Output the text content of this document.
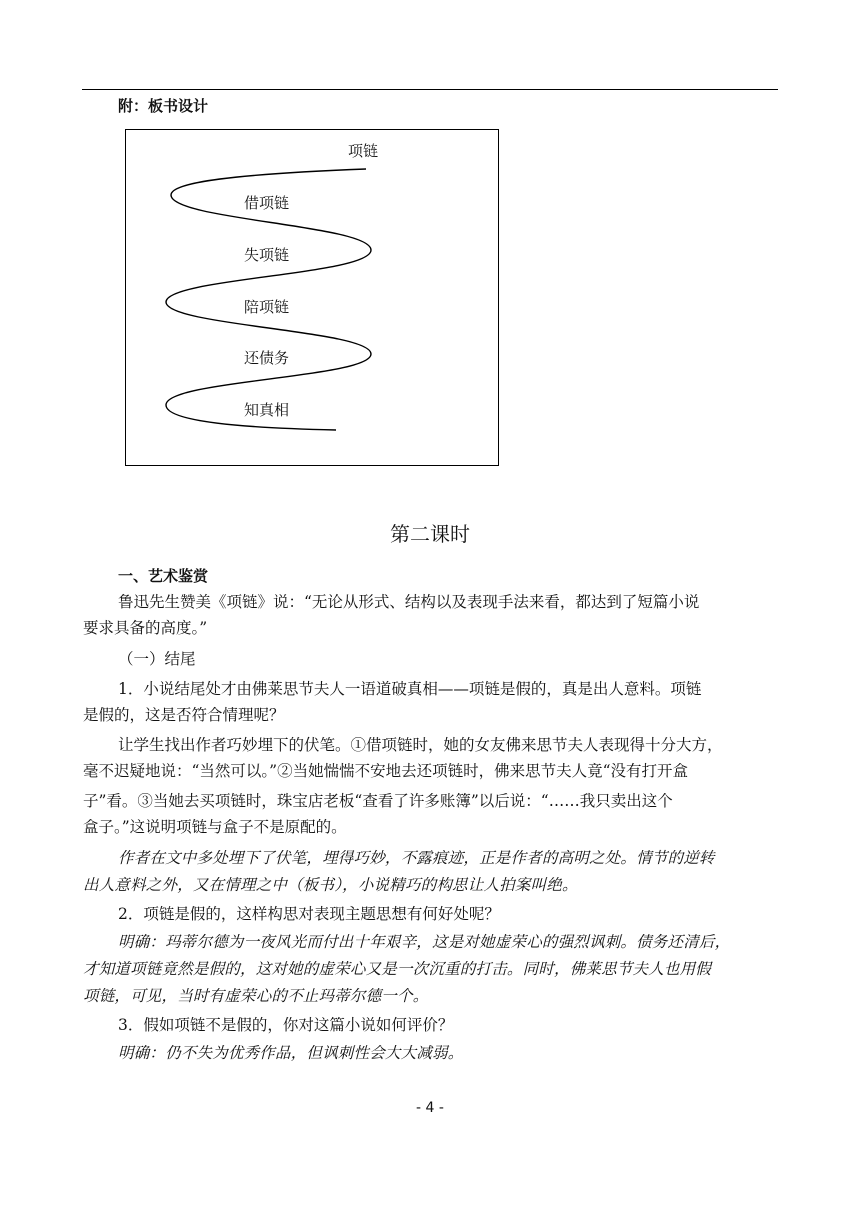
附：板书设计
项链
借项链
失项链
陪项链
还债务
知真相
第二课时
一、艺术鉴赏
鲁迅先生赞美《项链》说：“无论从形式、结构以及表现手法来看，都达到了短篇小说
要求具备的高度。”
（一）结尾
1．小说结尾处才由佛莱思节夫人一语道破真相——项链是假的，真是出人意料。项链
是假的，这是否符合情理呢？
让学生找出作者巧妙埋下的伏笔。①借项链时，她的女友佛来思节夫人表现得十分大方，
毫不迟疑地说：“当然可以。”②当她惴惴不安地去还项链时，佛来思节夫人竟“没有打开盒
子”看。③当她去买项链时，珠宝店老板“查看了许多账簿”以后说：“……我只卖出这个
盒子。”这说明项链与盒子不是原配的。
作者在文中多处埋下了伏笔，埋得巧妙，不露痕迹，正是作者的高明之处。情节的逆转
出人意料之外，又在情理之中（板书），小说精巧的构思让人拍案叫绝。
2．项链是假的，这样构思对表现主题思想有何好处呢？
明确：玛蒂尔德为一夜风光而付出十年艰辛，这是对她虚荣心的强烈讽刺。债务还清后，
才知道项链竟然是假的，这对她的虚荣心又是一次沉重的打击。同时，佛莱思节夫人也用假
项链，可见，当时有虚荣心的不止玛蒂尔德一个。
3．假如项链不是假的，你对这篇小说如何评价？
明确：仍不失为优秀作品，但讽刺性会大大减弱。
- 4 -
